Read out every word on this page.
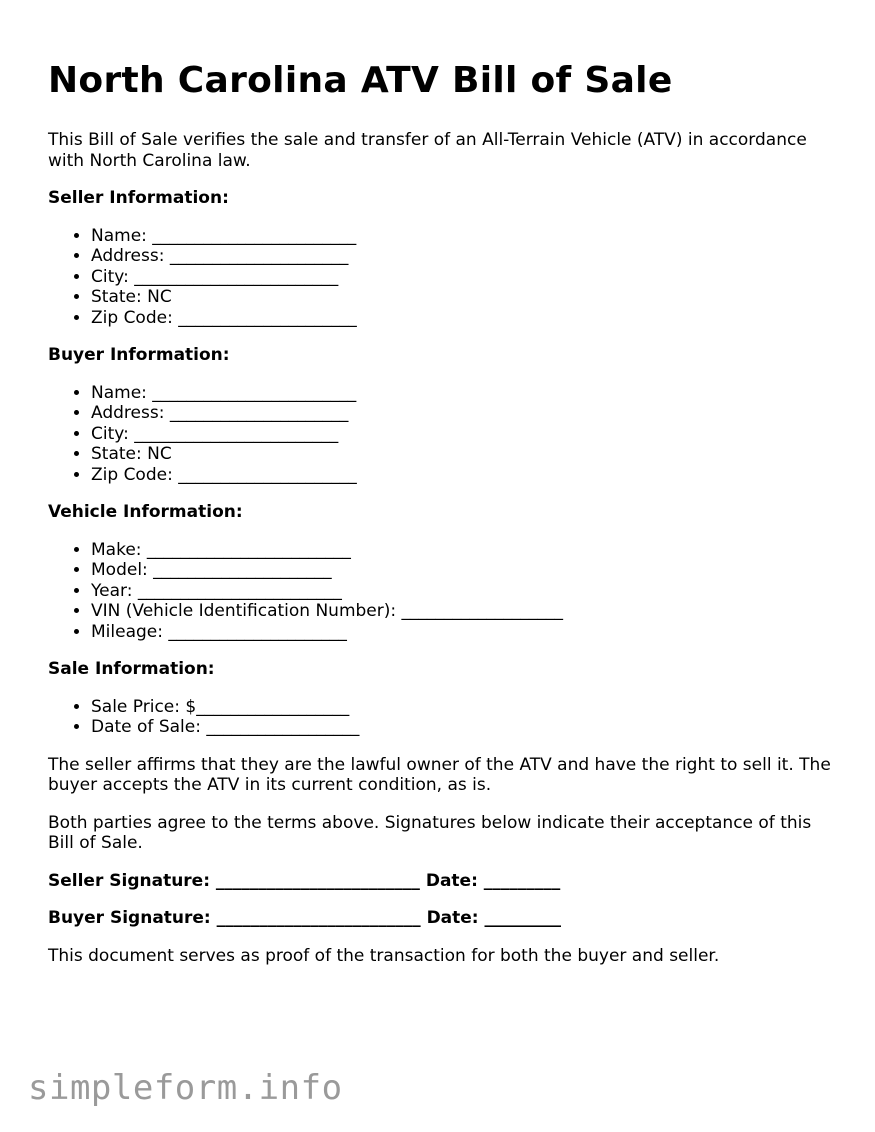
North Carolina ATV Bill of Sale

This Bill of Sale verifies the sale and transfer of an All-Terrain Vehicle (ATV) in accordance with North Carolina law.

Seller Information:

• Name: ________________________
• Address: _____________________
• City: ________________________
• State: NC
• Zip Code: _____________________

Buyer Information:

• Name: ________________________
• Address: _____________________
• City: ________________________
• State: NC
• Zip Code: _____________________

Vehicle Information:

• Make: ________________________
• Model: _____________________
• Year: ________________________
• VIN (Vehicle Identification Number): ___________________
• Mileage: _____________________

Sale Information:

• Sale Price: $__________________
• Date of Sale: __________________

The seller affirms that they are the lawful owner of the ATV and have the right to sell it. The buyer accepts the ATV in its current condition, as is.

Both parties agree to the terms above. Signatures below indicate their acceptance of this Bill of Sale.

Seller Signature: ________________________ Date: _________

Buyer Signature: ________________________ Date: _________

This document serves as proof of the transaction for both the buyer and seller.

simpleform.info
